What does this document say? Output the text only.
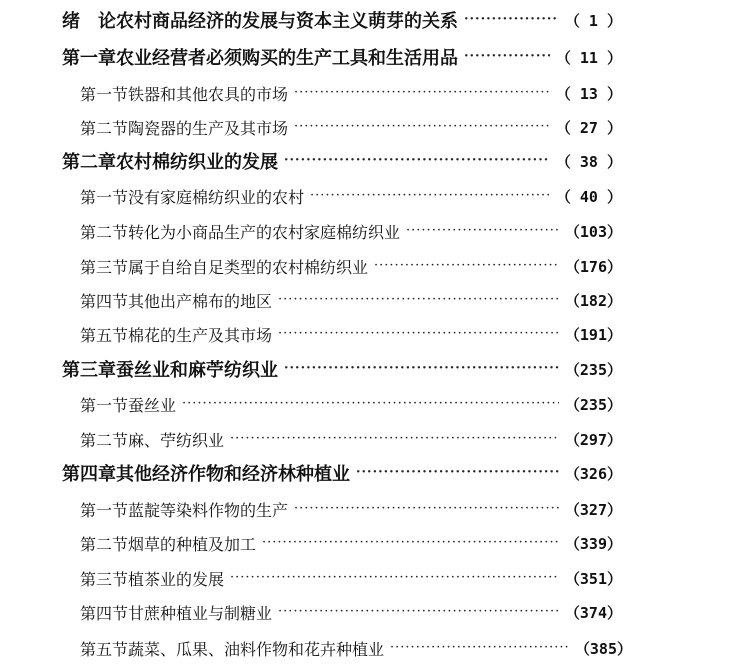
绪　论 农村商品经济的发展与资本主义萌芽的关系 ·····	（ 1 ）
第一章 农业经营者必须购买的生产工具和生活用品 ·····	（ 11 ）
第一节 铁器和其他农具的市场 ·····	（ 13 ）
第二节 陶瓷器的生产及其市场 ·····	（ 27 ）
第二章 农村棉纺织业的发展 ·····	（ 38 ）
第一节 没有家庭棉纺织业的农村 ·····	（ 40 ）
第二节 转化为小商品生产的农村家庭棉纺织业 ·····	（103）
第三节 属于自给自足类型的农村棉纺织业 ·····	（176）
第四节 其他出产棉布的地区 ·····	（182）
第五节 棉花的生产及其市场 ·····	（191）
第三章 蚕丝业和麻苧纺织业 ·····	（235）
第一节 蚕丝业 ·····	（235）
第二节 麻、苧纺织业 ·····	（297）
第四章 其他经济作物和经济林种植业 ·····	（326）
第一节 蓝靛等染料作物的生产 ·····	（327）
第二节 烟草的种植及加工 ·····	（339）
第三节 植茶业的发展 ·····	（351）
第四节 甘蔗种植业与制糖业 ·····	（374）
第五节 蔬菜、瓜果、油料作物和花卉种植业 ·····	（385）
